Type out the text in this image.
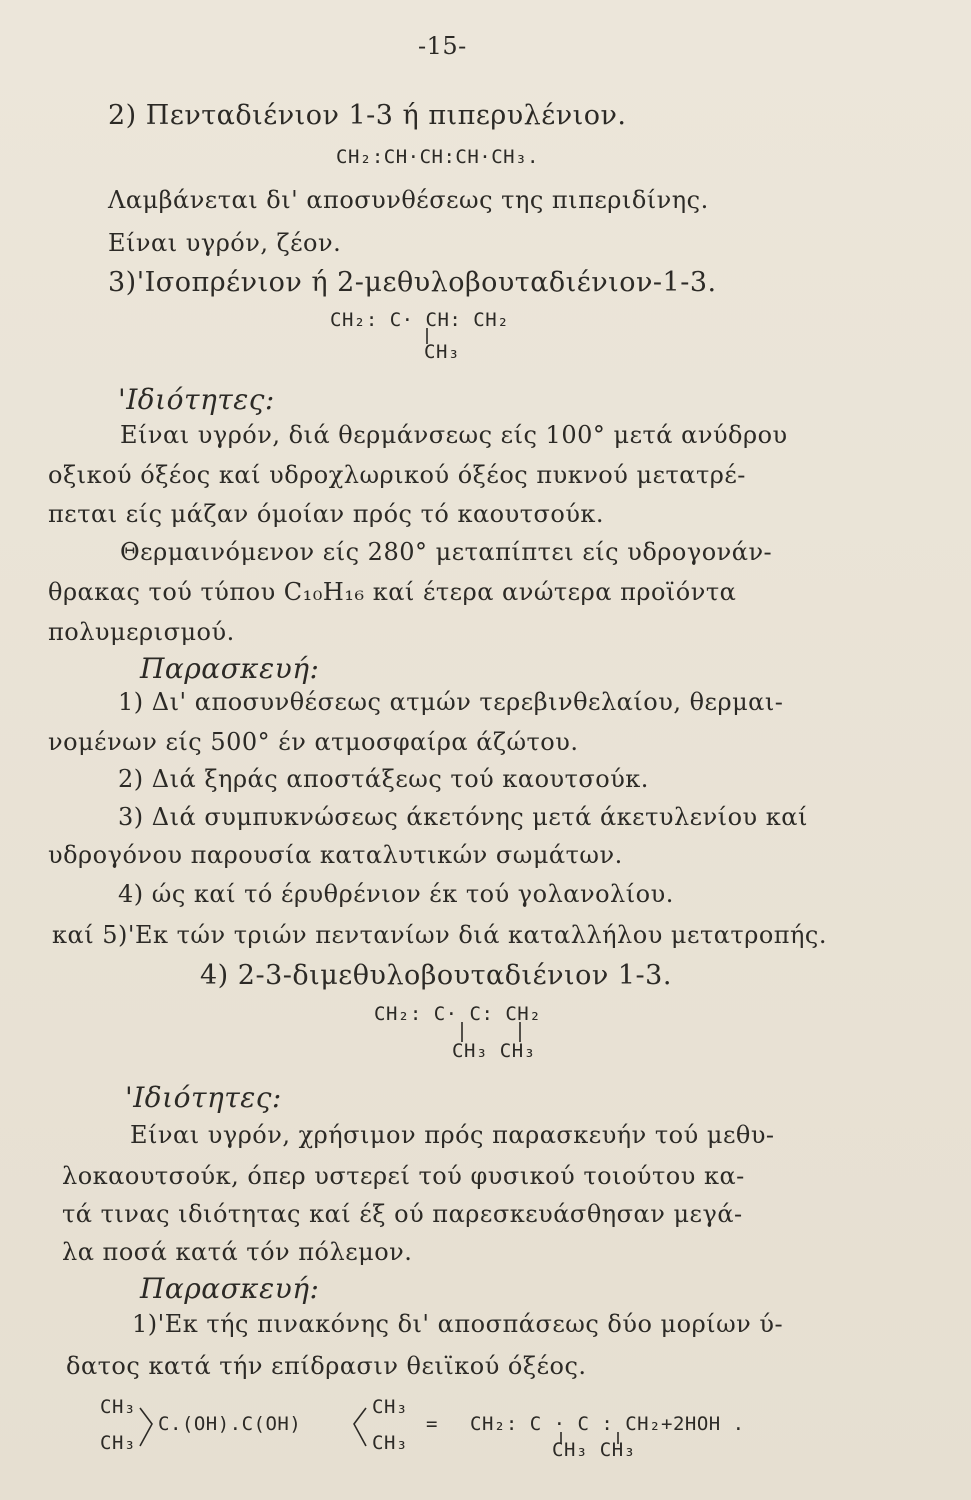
-15-
2) Πενταδιένιον 1-3 ή πιπερυλένιον.
CH₂:CH·CH:CH·CH₃.
Λαμβάνεται δι' αποσυνθέσεως της πιπεριδίνης.
Είναι υγρόν, ζέον.
3)'Ισοπρένιον ή 2-μεθυλοβουταδιένιον-1-3.
CH₂: C· CH: CH₂
CH₃
'Ιδιότητες:
Είναι υγρόν, διά θερμάνσεως είς 100° μετά ανύδρου
οξικού όξέος καί υδροχλωρικού όξέος πυκνού μετατρέ-
πεται είς μάζαν όμοίαν πρός τό καουτσούκ.
Θερμαινόμενον είς 280° μεταπίπτει είς υδρογονάν-
θρακας τού τύπου C₁₀H₁₆ καί έτερα ανώτερα προϊόντα
πολυμερισμού.
Παρασκευή:
1) Δι' αποσυνθέσεως ατμών τερεβινθελαίου, θερμαι-
νομένων είς 500° έν ατμοσφαίρα άζώτου.
2) Διά ξηράς αποστάξεως τού καουτσούκ.
3) Διά συμπυκνώσεως άκετόνης μετά άκετυλενίου καί
υδρογόνου παρουσία καταλυτικών σωμάτων.
4) ώς καί τό έρυθρένιον έκ τού γολανολίου.
καί 5)'Εκ τών τριών πεντανίων διά καταλλήλου μετατροπής.
4) 2-3-διμεθυλοβουταδιένιον 1-3.
CH₂: C· C: CH₂
CH₃ CH₃
'Ιδιότητες:
Είναι υγρόν, χρήσιμον πρός παρασκευήν τού μεθυ-
λοκαουτσούκ, όπερ υστερεί τού φυσικού τοιούτου κα-
τά τινας ιδιότητας καί έξ ού παρεσκευάσθησαν μεγά-
λα ποσά κατά τόν πόλεμον.
Παρασκευή:
1)'Εκ τής πινακόνης δι' αποσπάσεως δύο μορίων ύ-
δατος κατά τήν επίδρασιν θειϊκού όξέος.
CH₃	CH₃
C.(OH).C(OH)	= CH₂: C · C : CH₂+2HOH .
CH₃	CH₃	CH₃ CH₃
